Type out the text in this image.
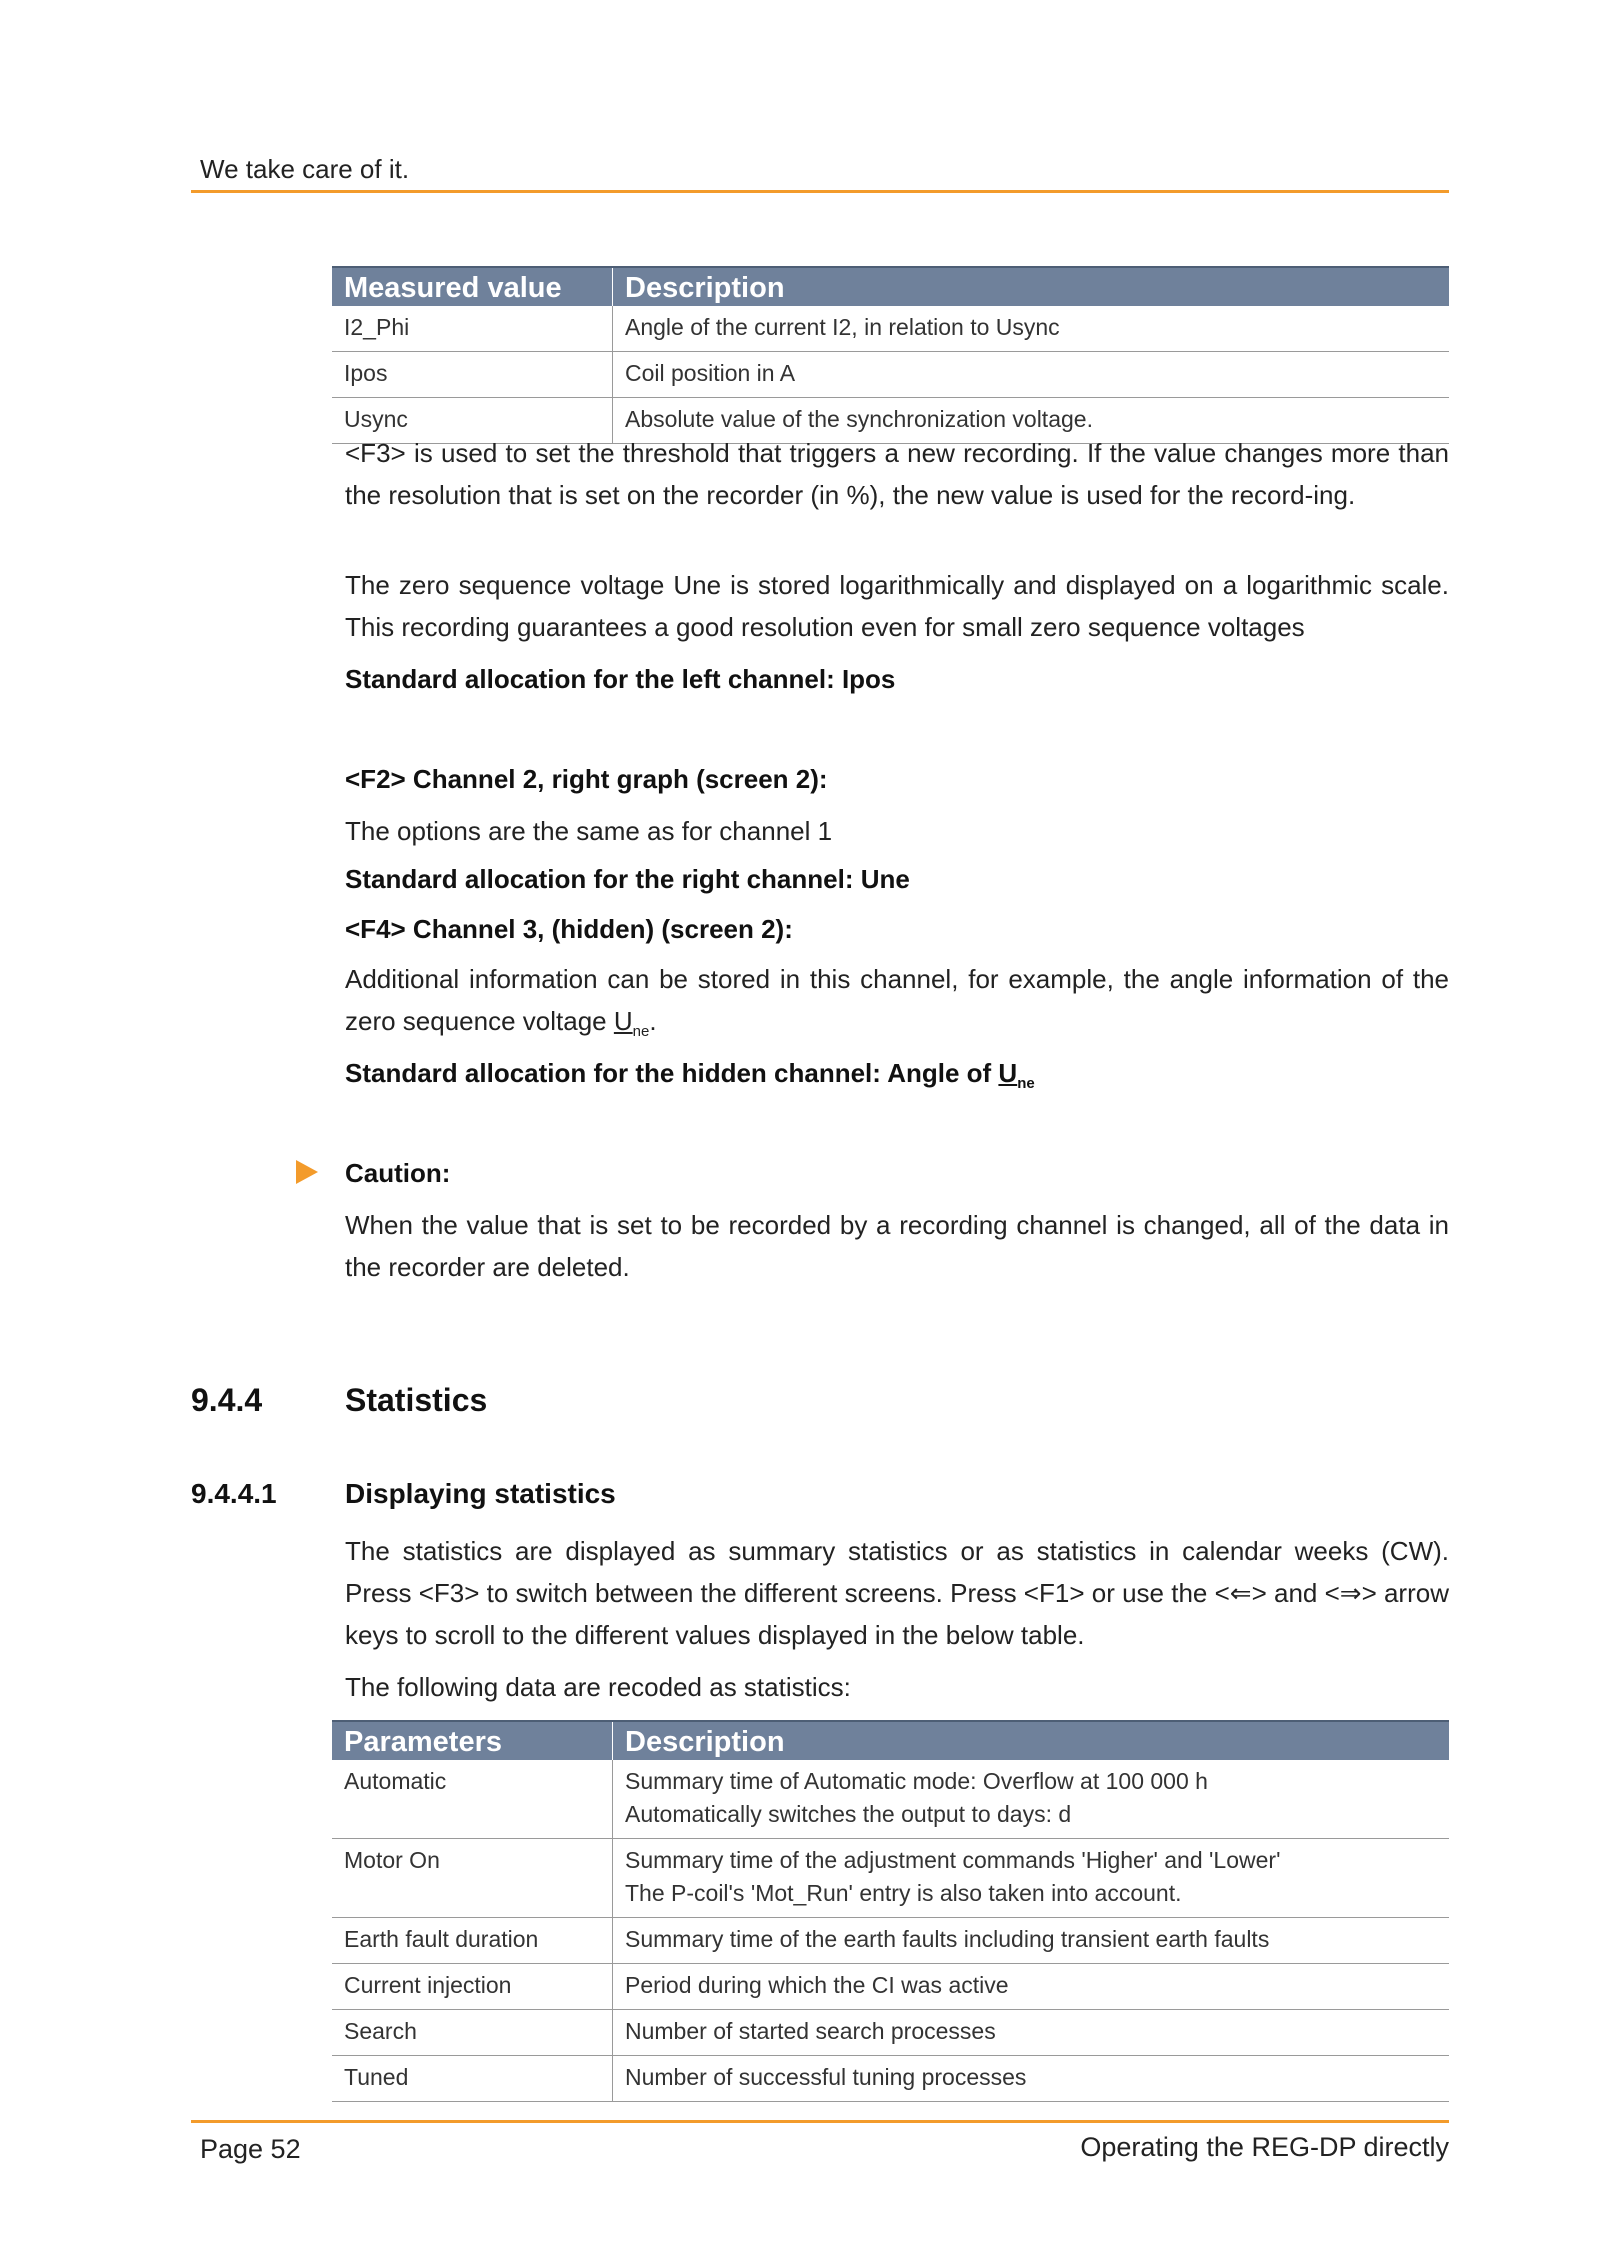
We take care of it.
Measured value	Description
I2_Phi	Angle of the current I2, in relation to Usync
Ipos	Coil position in A
Usync	Absolute value of the synchronization voltage.
<F3> is used to set the threshold that triggers a new recording. If the value changes more than the resolution that is set on the recorder (in %), the new value is used for the record-ing.
The zero sequence voltage Une is stored logarithmically and displayed on a logarithmic scale. This recording guarantees a good resolution even for small zero sequence voltages
Standard allocation for the left channel: Ipos
<F2> Channel 2, right graph (screen 2):
The options are the same as for channel 1
Standard allocation for the right channel: Une
<F4> Channel 3, (hidden) (screen 2):
Additional information can be stored in this channel, for example, the angle information of the zero sequence voltage $U_{ne}$.
Standard allocation for the hidden channel: Angle of $U_{ne}$
Caution:
When the value that is set to be recorded by a recording channel is changed, all of the data in the recorder are deleted.
9.4.4	Statistics
9.4.4.1 Displaying statistics
The statistics are displayed as summary statistics or as statistics in calendar weeks (CW). Press <F3> to switch between the different screens. Press <F1> or use the <⇐> and <⇒> arrow keys to scroll to the different values displayed in the below table.
The following data are recoded as statistics:
Parameters	Description
Automatic	Summary time of Automatic mode: Overflow at 100 000 h
Automatically switches the output to days: d

Motor On	Summary time of the adjustment commands 'Higher' and 'Lower'
The P-coil's 'Mot_Run' entry is also taken into account.

Earth fault duration	Summary time of the earth faults including transient earth faults
Current injection	Period during which the CI was active
Search	Number of started search processes
Tuned	Number of successful tuning processes
Page 52	Operating the REG-DP directly
